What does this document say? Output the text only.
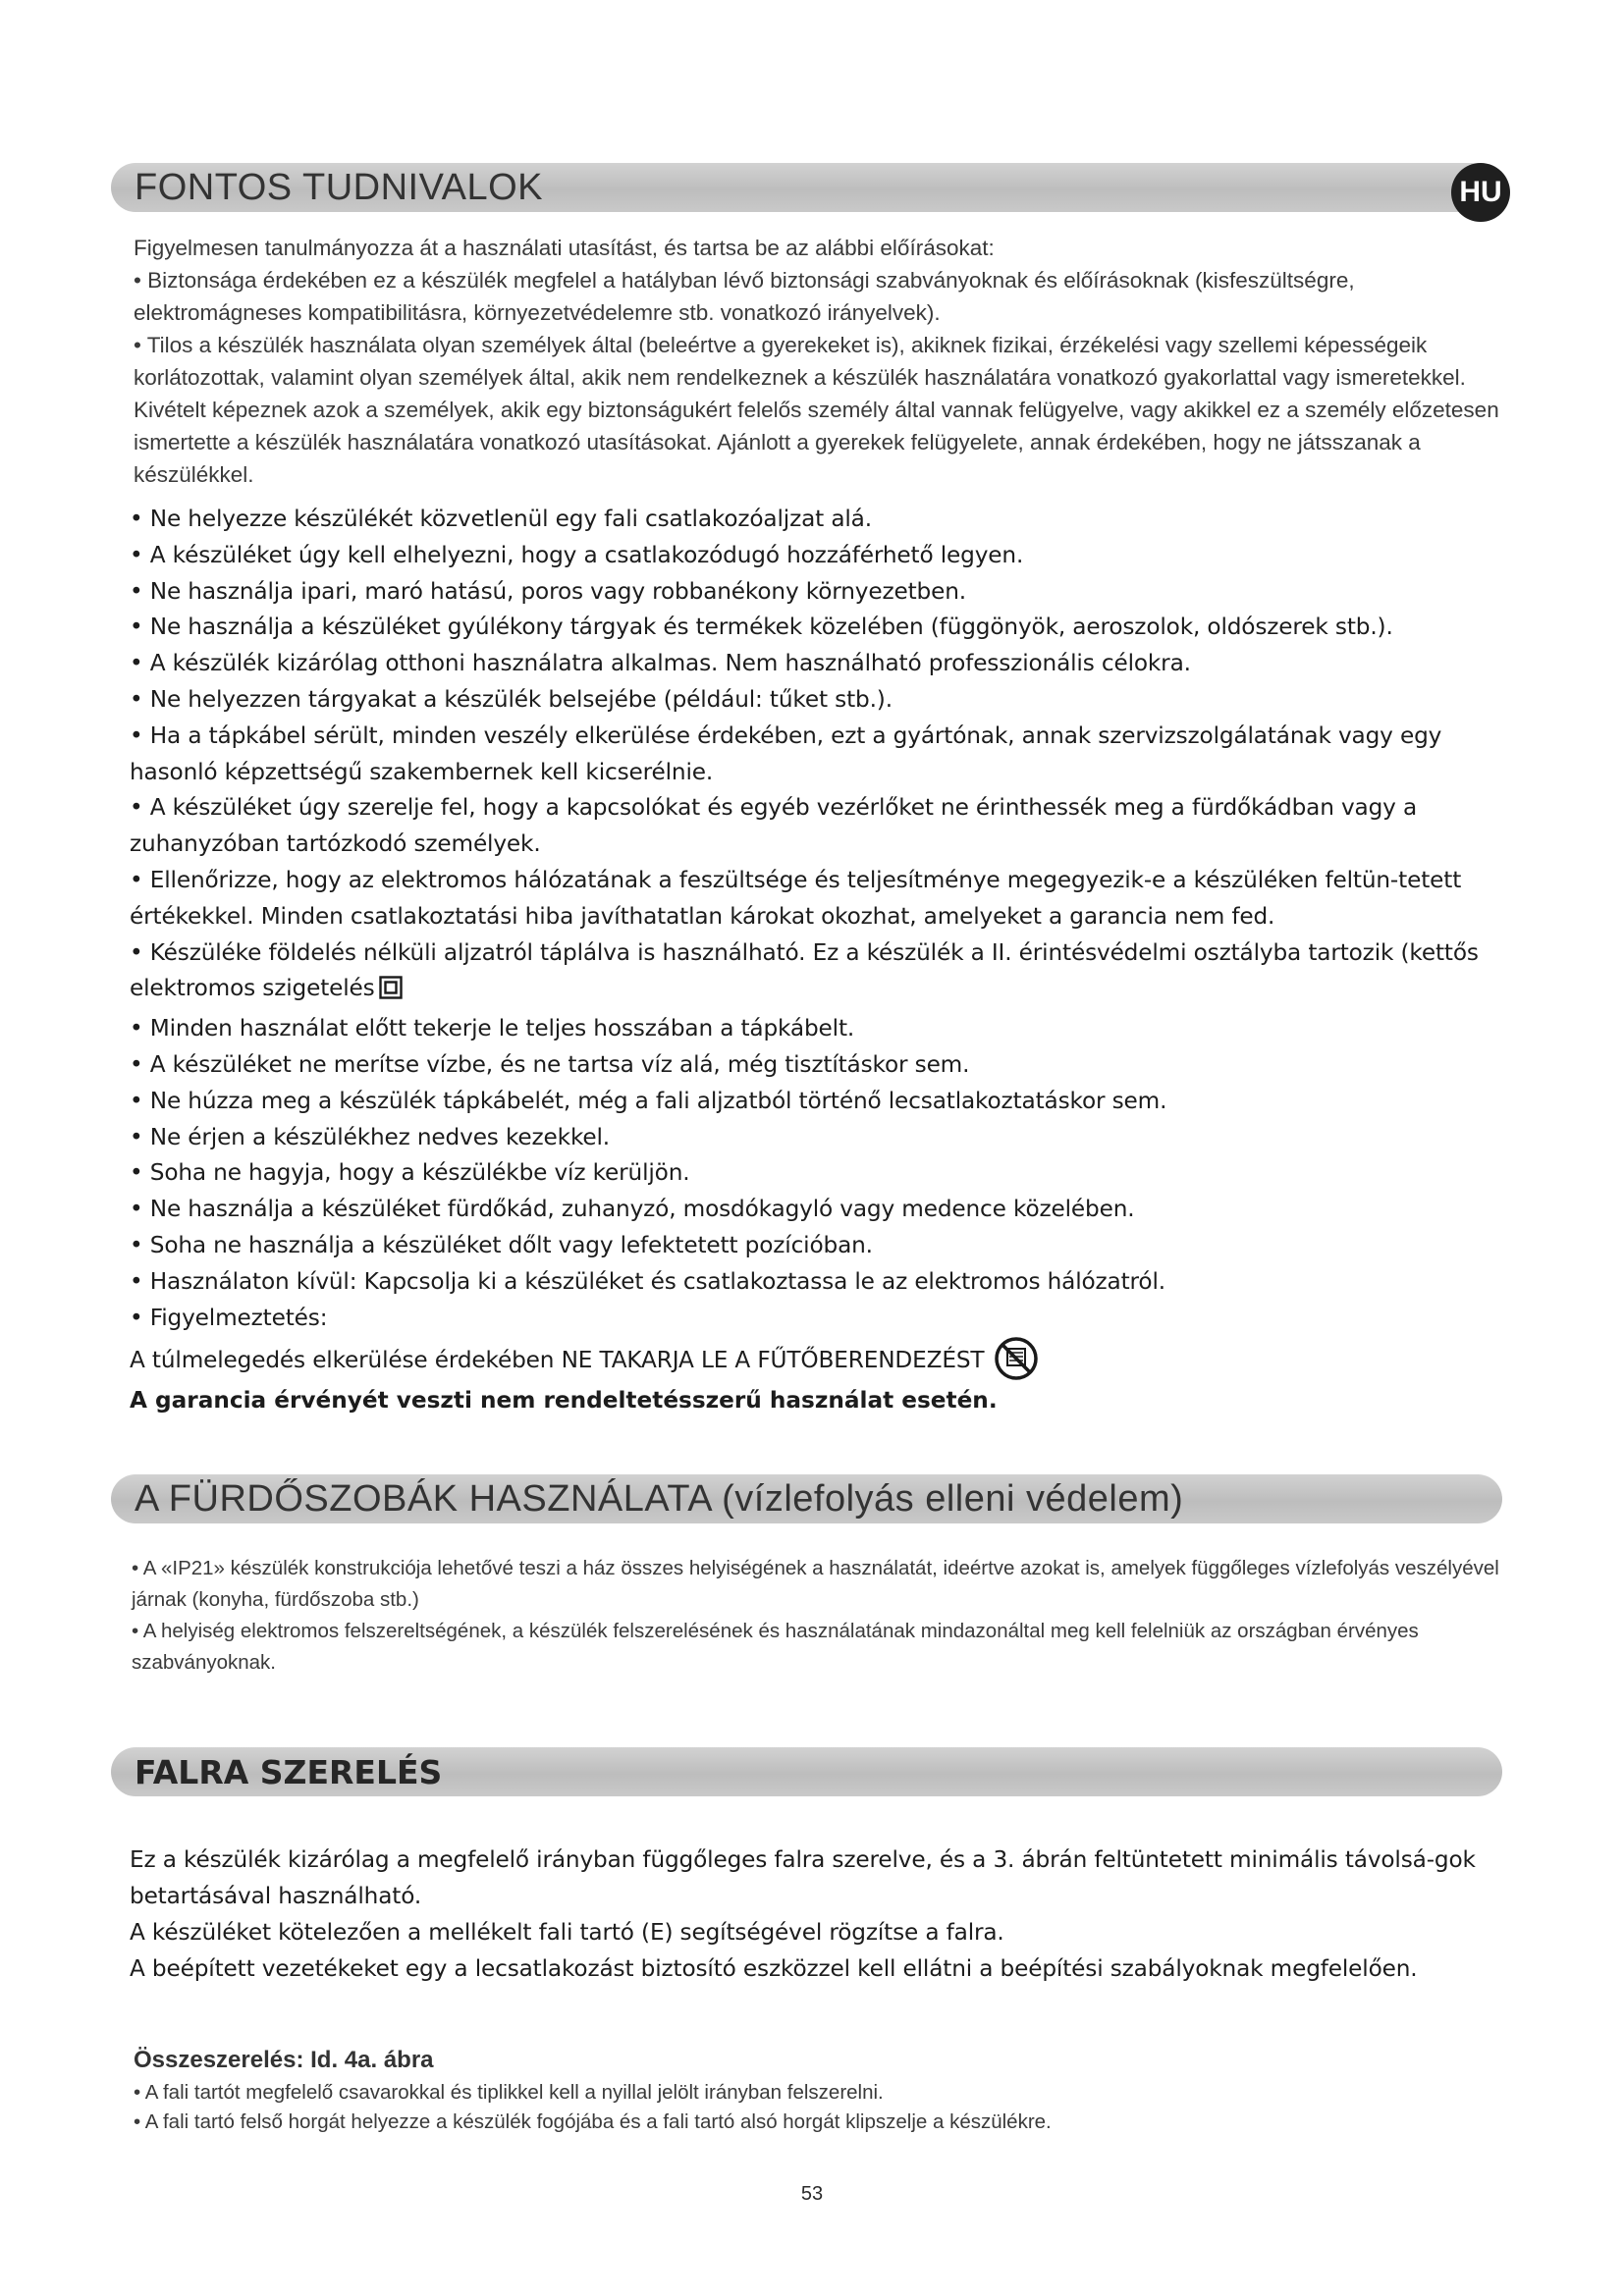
FONTOS TUDNIVALOK	HU

Figyelmesen tanulmányozza át a használati utasítást, és tartsa be az alábbi előírásokat:

• Biztonsága érdekében ez a készülék megfelel a hatályban lévő biztonsági szabványoknak és előírásoknak (kisfeszültségre, elektromágneses kompatibilitásra, környezetvédelemre stb. vonatkozó irányelvek).

• Tilos a készülék használata olyan személyek által (beleértve a gyerekeket is), akiknek fizikai, érzékelési vagy szellemi képességeik korlátozottak, valamint olyan személyek által, akik nem rendelkeznek a készülék használatára vonatkozó gyakorlattal vagy ismeretekkel. Kivételt képeznek azok a személyek, akik egy biztonságukért felelős személy által vannak felügyelve, vagy akikkel ez a személy előzetesen ismertette a készülék használatára vonatkozó utasításokat. Ajánlott a gyerekek felügyelete, annak érdekében, hogy ne játsszanak a készülékkel.

• Ne helyezze készülékét közvetlenül egy fali csatlakozóaljzat alá.

• A készüléket úgy kell elhelyezni, hogy a csatlakozódugó hozzáférhető legyen.

• Ne használja ipari, maró hatású, poros vagy robbanékony környezetben.

• Ne használja a készüléket gyúlékony tárgyak és termékek közelében (függönyök, aeroszolok, oldószerek stb.).

• A készülék kizárólag otthoni használatra alkalmas. Nem használható professzionális célokra.

• Ne helyezzen tárgyakat a készülék belsejébe (például: tűket stb.).

• Ha a tápkábel sérült, minden veszély elkerülése érdekében, ezt a gyártónak, annak szervizszolgálatának vagy egy hasonló képzettségű szakembernek kell kicserélnie.

• A készüléket úgy szerelje fel, hogy a kapcsolókat és egyéb vezérlőket ne érinthessék meg a fürdőkádban vagy a zuhanyzóban tartózkodó személyek.

• Ellenőrizze, hogy az elektromos hálózatának a feszültsége és teljesítménye megegyezik-e a készüléken feltün-tetett értékekkel. Minden csatlakoztatási hiba javíthatatlan károkat okozhat, amelyeket a garancia nem fed.

• Készüléke földelés nélküli aljzatról táplálva is használható. Ez a készülék a II. érintésvédelmi osztályba tartozik (kettős elektromos szigetelés

• Minden használat előtt tekerje le teljes hosszában a tápkábelt.

• A készüléket ne merítse vízbe, és ne tartsa víz alá, még tisztításkor sem.

• Ne húzza meg a készülék tápkábelét, még a fali aljzatból történő lecsatlakoztatáskor sem.

• Ne érjen a készülékhez nedves kezekkel.

• Soha ne hagyja, hogy a készülékbe víz kerüljön.

• Ne használja a készüléket fürdőkád, zuhanyzó, mosdókagyló vagy medence közelében.

• Soha ne használja a készüléket dőlt vagy lefektetett pozícióban.

• Használaton kívül: Kapcsolja ki a készüléket és csatlakoztassa le az elektromos hálózatról.

• Figyelmeztetés:

A túlmelegedés elkerülése érdekében NE TAKARJA LE A FŰTŐBERENDEZÉST

A garancia érvényét veszti nem rendeltetésszerű használat esetén.
A FÜRDŐSZOBÁK HASZNÁLATA (vízlefolyás elleni védelem)

• A «IP21» készülék konstrukciója lehetővé teszi a ház összes helyiségének a használatát, ideértve azokat is, amelyek függőleges vízlefolyás veszélyével járnak (konyha, fürdőszoba stb.)

• A helyiség elektromos felszereltségének, a készülék felszerelésének és használatának mindazonáltal meg kell felelniük az országban érvényes szabványoknak.

FALRA SZERELÉS

Ez a készülék kizárólag a megfelelő irányban függőleges falra szerelve, és a 3. ábrán feltüntetett minimális távolsá-gok betartásával használható.

A készüléket kötelezően a mellékelt fali tartó (E) segítségével rögzítse a falra.

A beépített vezetékeket egy a lecsatlakozást biztosító eszközzel kell ellátni a beépítési szabályoknak megfelelően.

Összeszerelés: Id. 4a. ábra

• A fali tartót megfelelő csavarokkal és tiplikkel kell a nyillal jelölt irányban felszerelni.

• A fali tartó felső horgát helyezze a készülék fogójába és a fali tartó alsó horgát klipszelje a készülékre.

53
